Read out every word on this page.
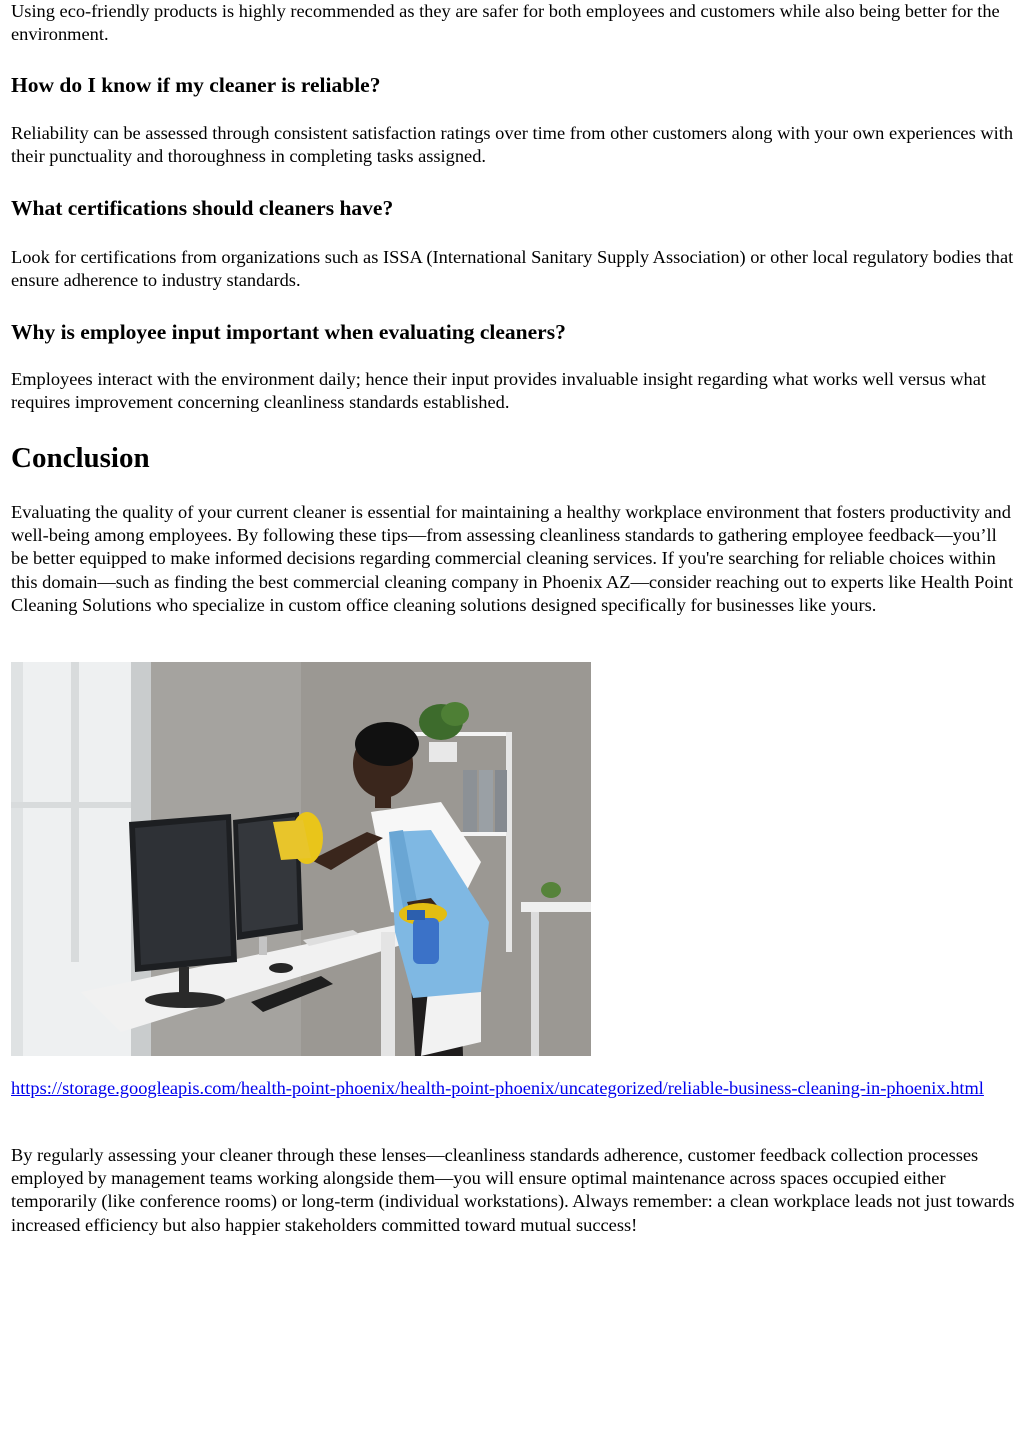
Using eco-friendly products is highly recommended as they are safer for both employees and customers while also being better for the environment.

How do I know if my cleaner is reliable?

Reliability can be assessed through consistent satisfaction ratings over time from other customers along with your own experiences with their punctuality and thoroughness in completing tasks assigned.

What certifications should cleaners have?

Look for certifications from organizations such as ISSA (International Sanitary Supply Association) or other local regulatory bodies that ensure adherence to industry standards.

Why is employee input important when evaluating cleaners?

Employees interact with the environment daily; hence their input provides invaluable insight regarding what works well versus what requires improvement concerning cleanliness standards established.

Conclusion

Evaluating the quality of your current cleaner is essential for maintaining a healthy workplace environment that fosters productivity and well-being among employees. By following these tips—from assessing cleanliness standards to gathering employee feedback—you’ll be better equipped to make informed decisions regarding commercial cleaning services. If you're searching for reliable choices within this domain—such as finding the best commercial cleaning company in Phoenix AZ—consider reaching out to experts like Health Point Cleaning Solutions who specialize in custom office cleaning solutions designed specifically for businesses like yours.

https://storage.googleapis.com/health-point-phoenix/health-point-phoenix/uncategorized/reliable-business-cleaning-in-phoenix.html

By regularly assessing your cleaner through these lenses—cleanliness standards adherence, customer feedback collection processes employed by management teams working alongside them—you will ensure optimal maintenance across spaces occupied either temporarily (like conference rooms) or long-term (individual workstations). Always remember: a clean workplace leads not just towards increased efficiency but also happier stakeholders committed toward mutual success!
